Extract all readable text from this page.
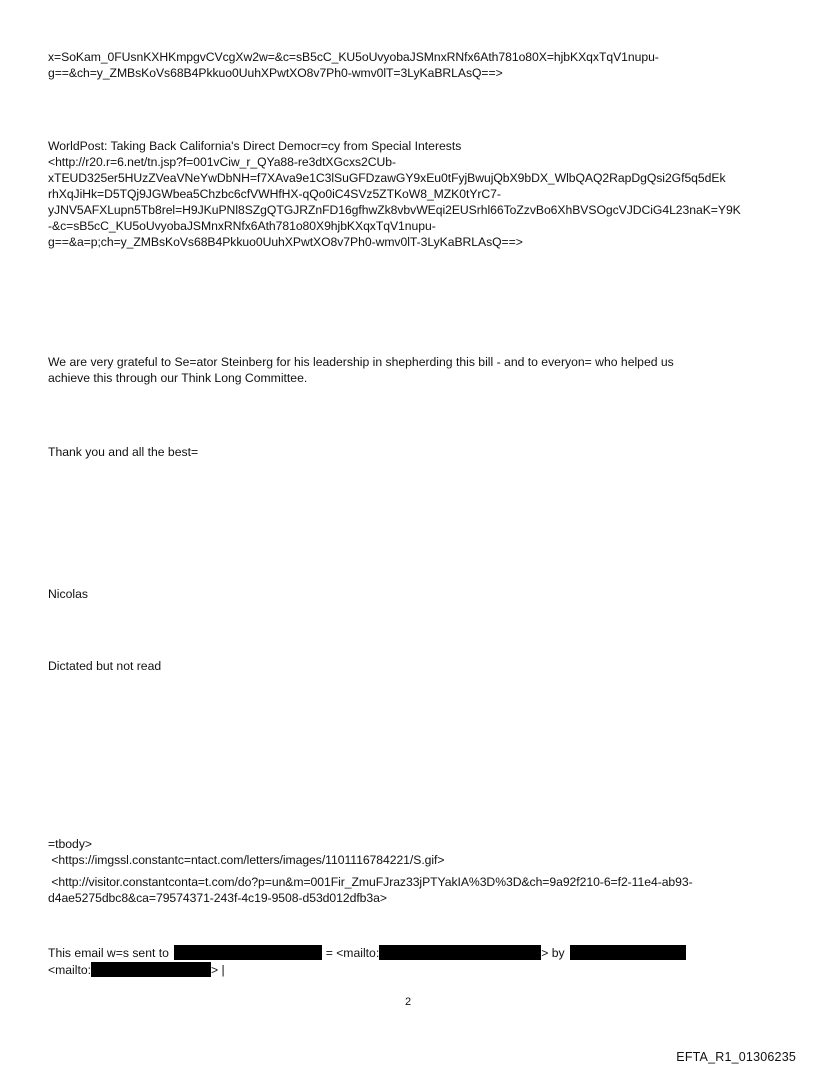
x=SoKam_0FUsnKXHKmpgvCVcgXw2w=&c=sB5cC_KU5oUvyobaJSMnxRNfx6Ath781o80X=hjbKXqxTqV1nupu-
g==&ch=y_ZMBsKoVs68B4Pkkuo0UuhXPwtXO8v7Ph0-wmv0lT=3LyKaBRLAsQ==>
WorldPost: Taking Back California's Direct Democr=cy from Special Interests
<http://r20.r=6.net/tn.jsp?f=001vCiw_r_QYa88-re3dtXGcxs2CUb-
xTEUD325er5HUzZVeaVNeYwDbNH=f7XAva9e1C3lSuGFDzawGY9xEu0tFyjBwujQbX9bDX_WlbQAQ2RapDgQsi2Gf5q5dEk
rhXqJiHk=D5TQj9JGWbea5Chzbc6cfVWHfHX-qQo0iC4SVz5ZTKoW8_MZK0tYrC7-
yJNV5AFXLupn5Tb8rel=H9JKuPNl8SZgQTGJRZnFD16gfhwZk8vbvWEqi2EUSrhl66ToZzvBo6XhBVSOgcVJDCiG4L23naK=Y9K
-&c=sB5cC_KU5oUvyobaJSMnxRNfx6Ath781o80X9hjbKXqxTqV1nupu-
g==&a=p;ch=y_ZMBsKoVs68B4Pkkuo0UuhXPwtXO8v7Ph0-wmv0lT-3LyKaBRLAsQ==>
We are very grateful to Se=ator Steinberg for his leadership in shepherding this bill - and to everyon= who helped us
achieve this through our Think Long Committee.
Thank you and all the best=
Nicolas
Dictated but not read
=tbody>
<https://imgssl.constantc=ntact.com/letters/images/1101116784221/S.gif>
<http://visitor.constantconta=t.com/do?p=un&m=001Fir_ZmuFJraz33jPTYakIA%3D%3D&ch=9a92f210-6=f2-11e4-ab93-
d4ae5275dbc8&ca=79574371-243f-4c19-9508-d53d012dfb3a>
This email w=s sent to	= <mailto:	> by
<mailto:	> |
2
EFTA_R1_01306235
